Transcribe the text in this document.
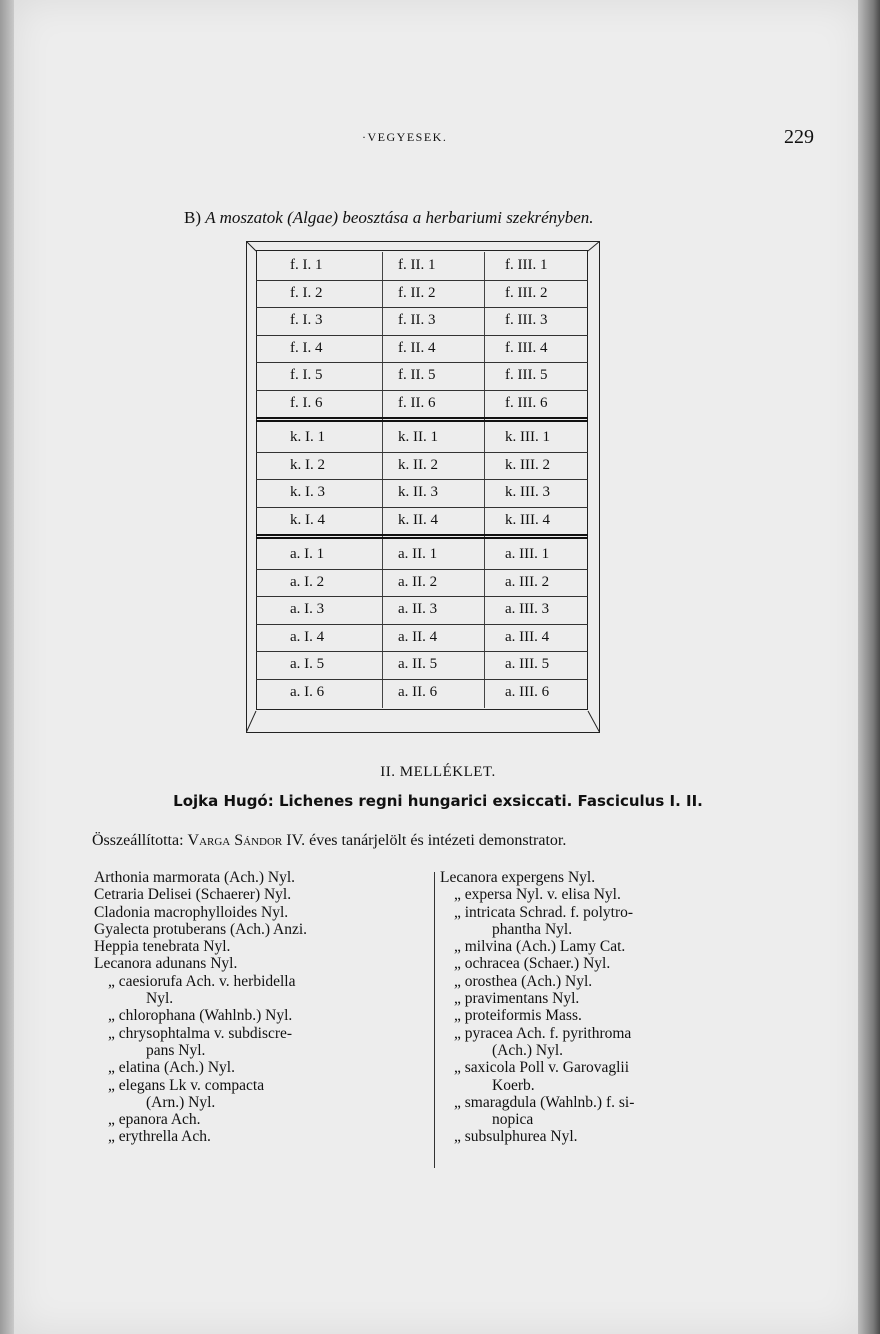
·VEGYESEK.	229
B) A moszatok (Algae) beosztása a herbariumi szekrényben.
f. I. 1	f. II. 1	f. III. 1
f. I. 2	f. II. 2	f. III. 2
f. I. 3	f. II. 3	f. III. 3
f. I. 4	f. II. 4	f. III. 4
f. I. 5	f. II. 5	f. III. 5
f. I. 6	f. II. 6	f. III. 6
k. I. 1	k. II. 1	k. III. 1
k. I. 2	k. II. 2	k. III. 2
k. I. 3	k. II. 3	k. III. 3
k. I. 4	k. II. 4	k. III. 4
a. I. 1	a. II. 1	a. III. 1
a. I. 2	a. II. 2	a. III. 2
a. I. 3	a. II. 3	a. III. 3
a. I. 4	a. II. 4	a. III. 4
a. I. 5	a. II. 5	a. III. 5
a. I. 6	a. II. 6	a. III. 6
II. MELLÉKLET.
Lojka Hugó: Lichenes regni hungarici exsiccati. Fasciculus I. II.
Összeállította: Varga Sándor IV. éves tanárjelölt és intézeti demonstrator.
Arthonia marmorata (Ach.) Nyl.
Cetraria Delisei (Schaerer) Nyl.
Cladonia macrophylloides Nyl.
Gyalecta protuberans (Ach.) Anzi.
Heppia tenebrata Nyl.
Lecanora adunans Nyl.
„ caesiorufa Ach. v. herbidella
Nyl.
„ chlorophana (Wahlnb.) Nyl.
„ chrysophtalma v. subdiscre-
pans Nyl.
„ elatina (Ach.) Nyl.
„ elegans Lk v. compacta
(Arn.) Nyl.
„ epanora Ach.
„ erythrella Ach.
Lecanora expergens Nyl.
„ expersa Nyl. v. elisa Nyl.
„ intricata Schrad. f. polytro-
phantha Nyl.
„ milvina (Ach.) Lamy Cat.
„ ochracea (Schaer.) Nyl.
„ orosthea (Ach.) Nyl.
„ pravimentans Nyl.
„ proteiformis Mass.
„ pyracea Ach. f. pyrithroma
(Ach.) Nyl.
„ saxicola Poll v. Garovaglii
Koerb.
„ smaragdula (Wahlnb.) f. si-
nopica
„ subsulphurea Nyl.
